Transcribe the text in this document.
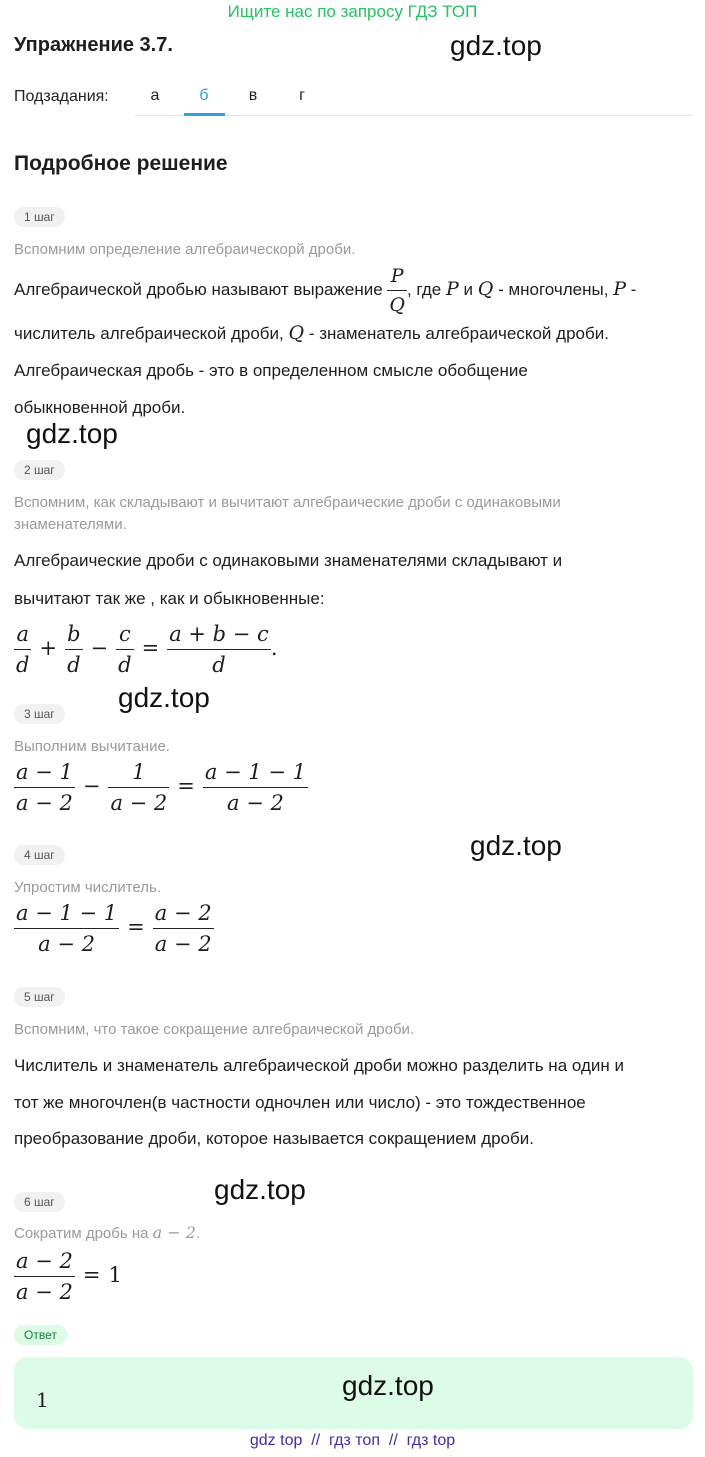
Ищите нас по запросу ГДЗ ТОП
Упражнение 3.7.	gdz.top
Подзадания:	а	б	в	г
Подробное решение
1 шаг
Вспомним определение алгебраическорй дроби.
Алгебраической дробью называют выражение $\frac{P}{Q}$ , где P и Q - многочлены, P -
числитель алгебраической дроби, Q - знаменатель алгебраической дроби.
Алгебраическая дробь - это в определенном смысле обобщение
обыкновенной дроби.
gdz.top
2 шаг
Вспомним, как складывают и вычитают алгебраические дроби с одинаковыми знаменателями.
Алгебраические дроби с одинаковыми знаменателями складывают и
вычитают так же , как и обыкновенные:
$\frac{a}{d} + \frac{b}{d} - \frac{c}{d} = \frac{a + b - c}{d}$ .
gdz.top
3 шаг
Выполним вычитание.
$\frac{a - 1}{a - 2} - \frac{1}{a - 2} = \frac{a - 1 - 1}{a - 2}$
gdz.top
4 шаг
Упростим числитель.
$\frac{a - 1 - 1}{a - 2} = \frac{a - 2}{a - 2}$
5 шаг
Вспомним, что такое сокращение алгебраической дроби.
Числитель и знаменатель алгебраической дроби можно разделить на один и
тот же многочлен(в частности одночлен или число) - это тождественное
преобразование дроби, которое называется сокращением дроби.
gdz.top
6 шаг
Сократим дробь на a − 2.
$\frac{a - 2}{a - 2} = 1$
Ответ
1	gdz.top
gdz top  //  гдз топ  //  гдз top
